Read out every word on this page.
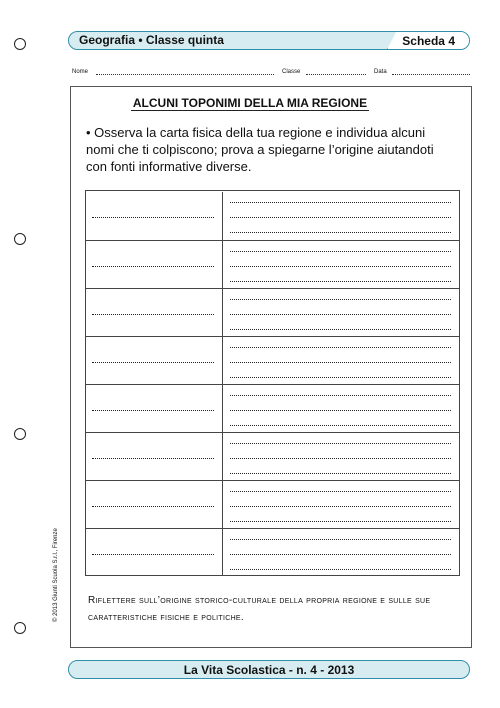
Geografia • Classe quinta	Scheda 4
Nome	Classe	Data
ALCUNI TOPONIMI DELLA MIA REGIONE
• Osserva la carta fisica della tua regione e individua alcuni nomi che ti colpiscono; prova a spiegarne l’origine aiutandoti con fonti informative diverse.
Riflettere sull’origine storico-culturale della propria regione e sulle sue caratteristiche fisiche e politiche.
© 2013 Giunti Scuola S.r.l., Firenze
La Vita Scolastica - n. 4 - 2013
